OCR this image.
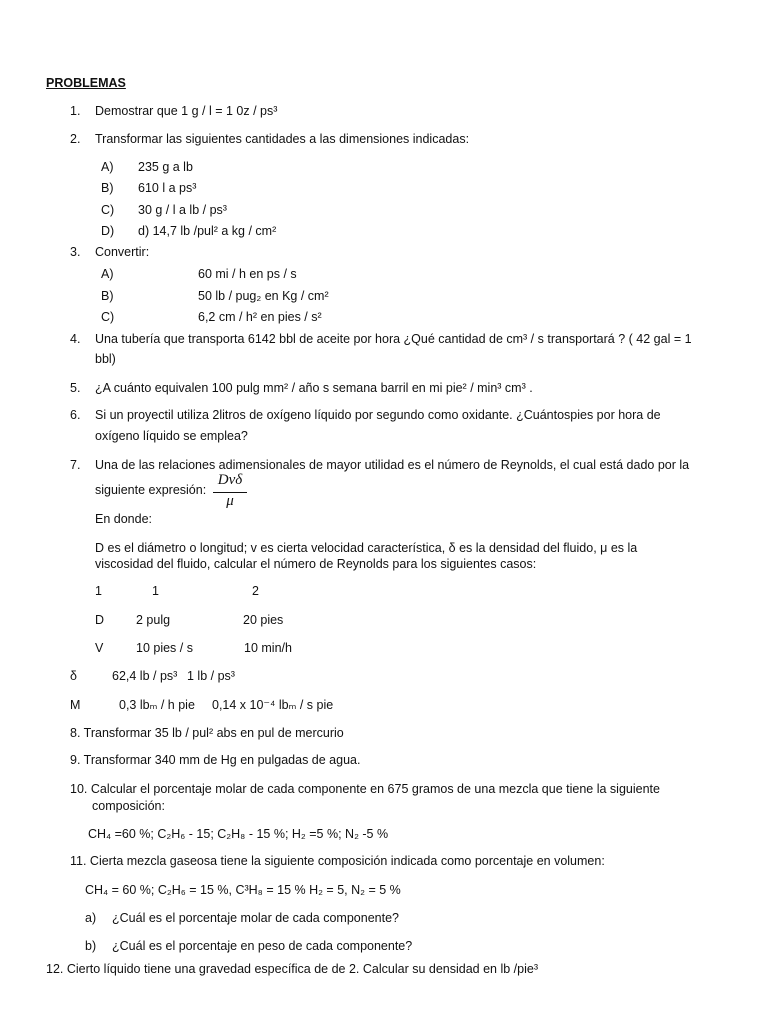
PROBLEMAS
1. Demostrar que 1 g / l = 1 0z / ps³
2. Transformar las siguientes cantidades a las dimensiones indicadas:
A) 235 g a lb
B) 610 l a ps³
C) 30 g / l a lb / ps³
D) d) 14,7 lb /pul² a kg / cm²
3. Convertir:
A)	60 mi / h en ps / s
B)	50 lb / pug₂ en Kg / cm²
C)	6,2 cm / h² en pies / s²
4. Una tubería que transporta 6142 bbl de aceite por hora ¿Qué cantidad de cm³ / s transportará ? ( 42 gal = 1
bbl)
5. ¿A cuánto equivalen 100 pulg mm² / año s semana barril en mi pie² / min³ cm³ .
6. Si un proyectil utiliza 2litros de oxígeno líquido por segundo como oxidante. ¿Cuántospies por hora de
oxígeno líquido se emplea?
7. Una de las relaciones adimensionales de mayor utilidad es el número de Reynolds, el cual está dado por la
siguiente expresión:
Dvδ
μ
En donde:
D es el diámetro o longitud; v es cierta velocidad característica, δ es la densidad del fluido, μ es la
viscosidad del fluido, calcular el número de Reynolds para los siguientes casos:
1	1	2
D	2 pulg	20 pies
V	10 pies / s	10 min/h
δ	62,4 lb / ps³ 1 lb / ps³
M	0,3 lbₘ / h pie 0,14 x 10⁻⁴ lbₘ / s pie
8. Transformar 35 lb / pul² abs en pul de mercurio
9. Transformar 340 mm de Hg en pulgadas de agua.
10. Calcular el porcentaje molar de cada componente en 675 gramos de una mezcla que tiene la siguiente
composición:
CH₄ =60 %; C₂H₆ - 15; C₂H₈ - 15 %; H₂ =5 %; N₂ -5 %
11. Cierta mezcla gaseosa tiene la siguiente composición indicada como porcentaje en volumen:
CH₄ = 60 %; C₂H₆ = 15 %, C³H₈ = 15 % H₂ = 5, N₂ = 5 %
a) ¿Cuál es el porcentaje molar de cada componente?
b) ¿Cuál es el porcentaje en peso de cada componente?
12. Cierto líquido tiene una gravedad específica de de 2. Calcular su densidad en lb /pie³
